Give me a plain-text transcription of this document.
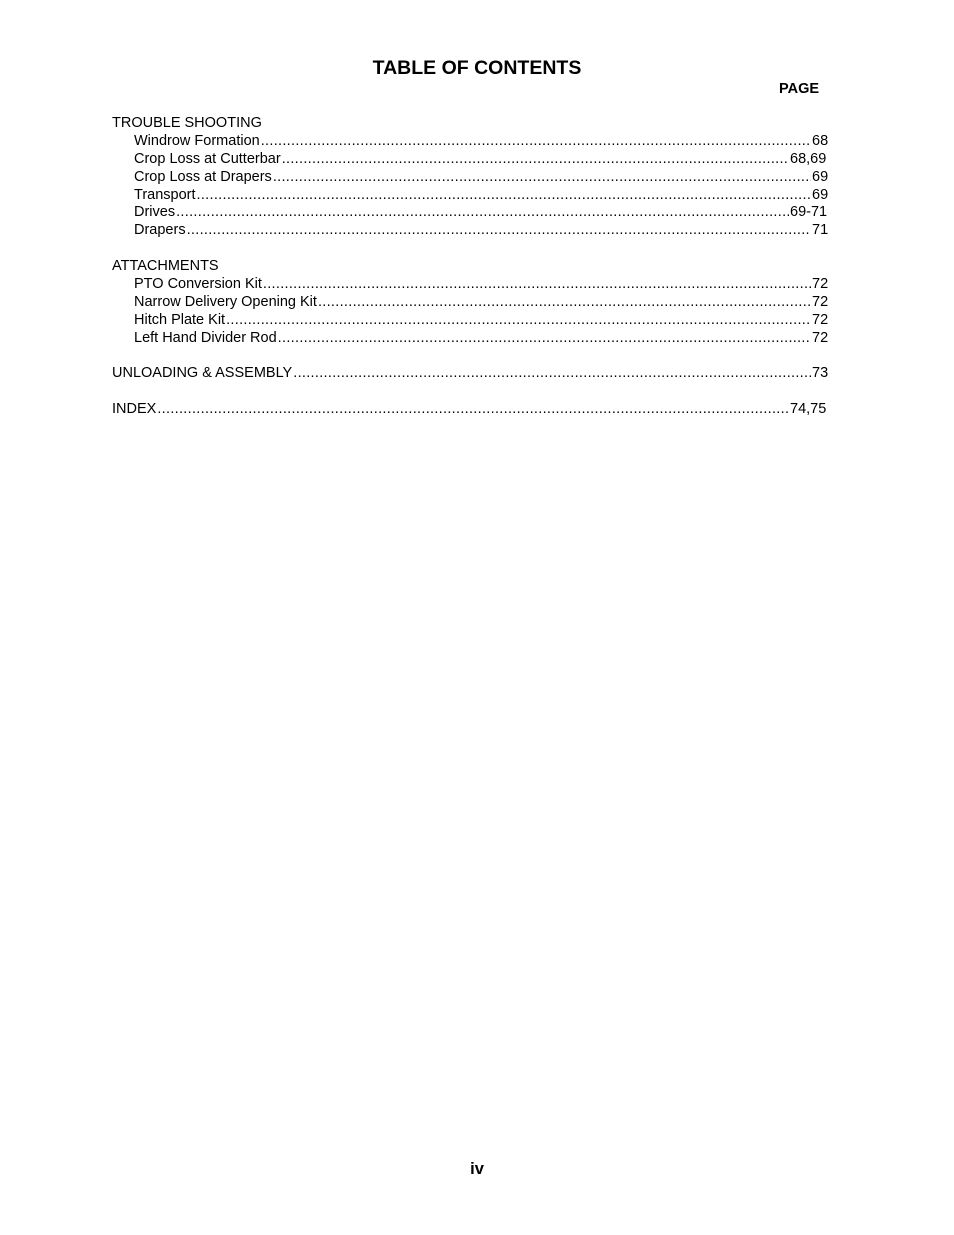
TABLE OF CONTENTS
PAGE
TROUBLE SHOOTING
Windrow Formation .....	68
Crop Loss at Cutterbar .....	68,69
Crop Loss at Drapers .....	69
Transport .....	69
Drives .....	69-71
Drapers .....	71
ATTACHMENTS
PTO Conversion Kit .....	72
Narrow Delivery Opening Kit .....	72
Hitch Plate Kit .....	72
Left Hand Divider Rod .....	72
UNLOADING & ASSEMBLY .....	73
INDEX .....	74,75
iv
